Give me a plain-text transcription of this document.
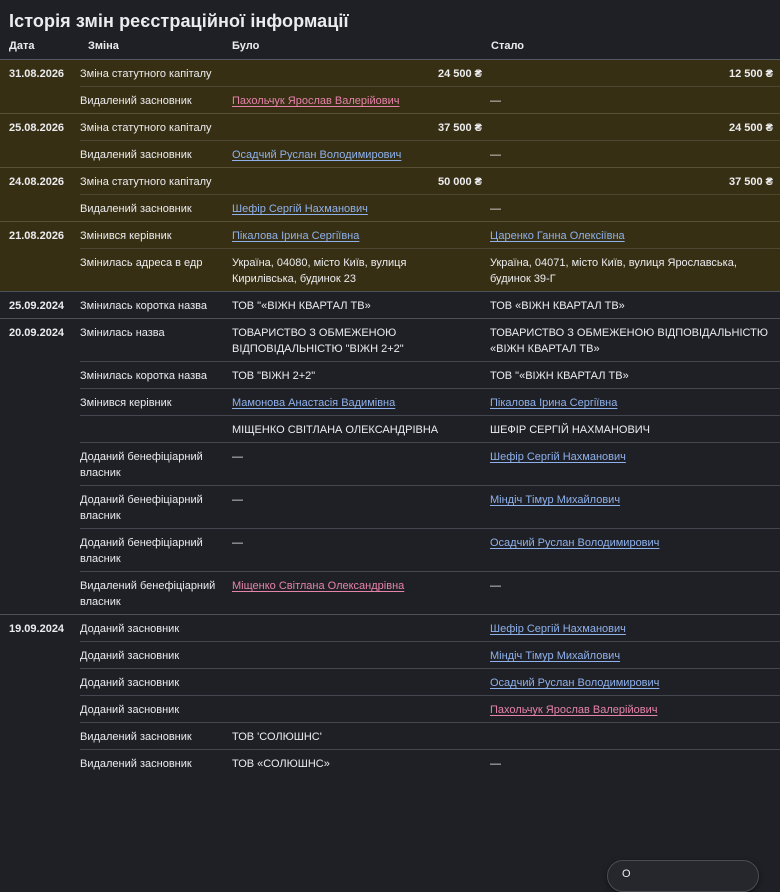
Історія змін реєстраційної інформації
Дата	Зміна	Було	Стало
31.08.2026	Зміна статутного капіталу	24 500 ₴	12 500 ₴
	Видалений засновник	Пахольчук Ярослав Валерійович	—
25.08.2026	Зміна статутного капіталу	37 500 ₴	24 500 ₴
	Видалений засновник	Осадчий Руслан Володимирович	—
24.08.2026	Зміна статутного капіталу	50 000 ₴	37 500 ₴
	Видалений засновник	Шефір Сергій Нахманович	—
21.08.2026	Змінився керівник	Пікалова Ірина Сергіївна	Царенко Ганна Олексіївна
	Змінилась адреса в едр	Україна, 04080, місто Київ, вулиця Кирилівська, будинок 23	Україна, 04071, місто Київ, вулиця Ярославська, будинок 39-Г
25.09.2024	Змінилась коротка назва	ТОВ "«ВІЖН КВАРТАЛ ТВ»	ТОВ «ВІЖН КВАРТАЛ ТВ»
20.09.2024	Змінилась назва	ТОВАРИСТВО З ОБМЕЖЕНОЮ ВІДПОВІДАЛЬНІСТЮ "ВІЖН 2+2"	ТОВАРИСТВО З ОБМЕЖЕНОЮ ВІДПОВІДАЛЬНІСТЮ «ВІЖН КВАРТАЛ ТВ»
	Змінилась коротка назва	ТОВ "ВІЖН 2+2"	ТОВ "«ВІЖН КВАРТАЛ ТВ»
	Змінився керівник	Мамонова Анастасія Вадимівна	Пікалова Ірина Сергіївна
		МІЩЕНКО СВІТЛАНА ОЛЕКСАНДРІВНА	ШЕФІР СЕРГІЙ НАХМАНОВИЧ
	Доданий бенефіціарний власник	—	Шефір Сергій Нахманович
	Доданий бенефіціарний власник	—	Міндіч Тімур Михайлович
	Доданий бенефіціарний власник	—	Осадчий Руслан Володимирович
	Видалений бенефіціарний власник	Міщенко Світлана Олександрівна	—
19.09.2024	Доданий засновник		Шефір Сергій Нахманович
	Доданий засновник		Міндіч Тімур Михайлович
	Доданий засновник		Осадчий Руслан Володимирович
	Доданий засновник		Пахольчук Ярослав Валерійович
	Видалений засновник	ТОВ 'СОЛЮШНС'	
	Видалений засновник	ТОВ «СОЛЮШНС»	—
О
